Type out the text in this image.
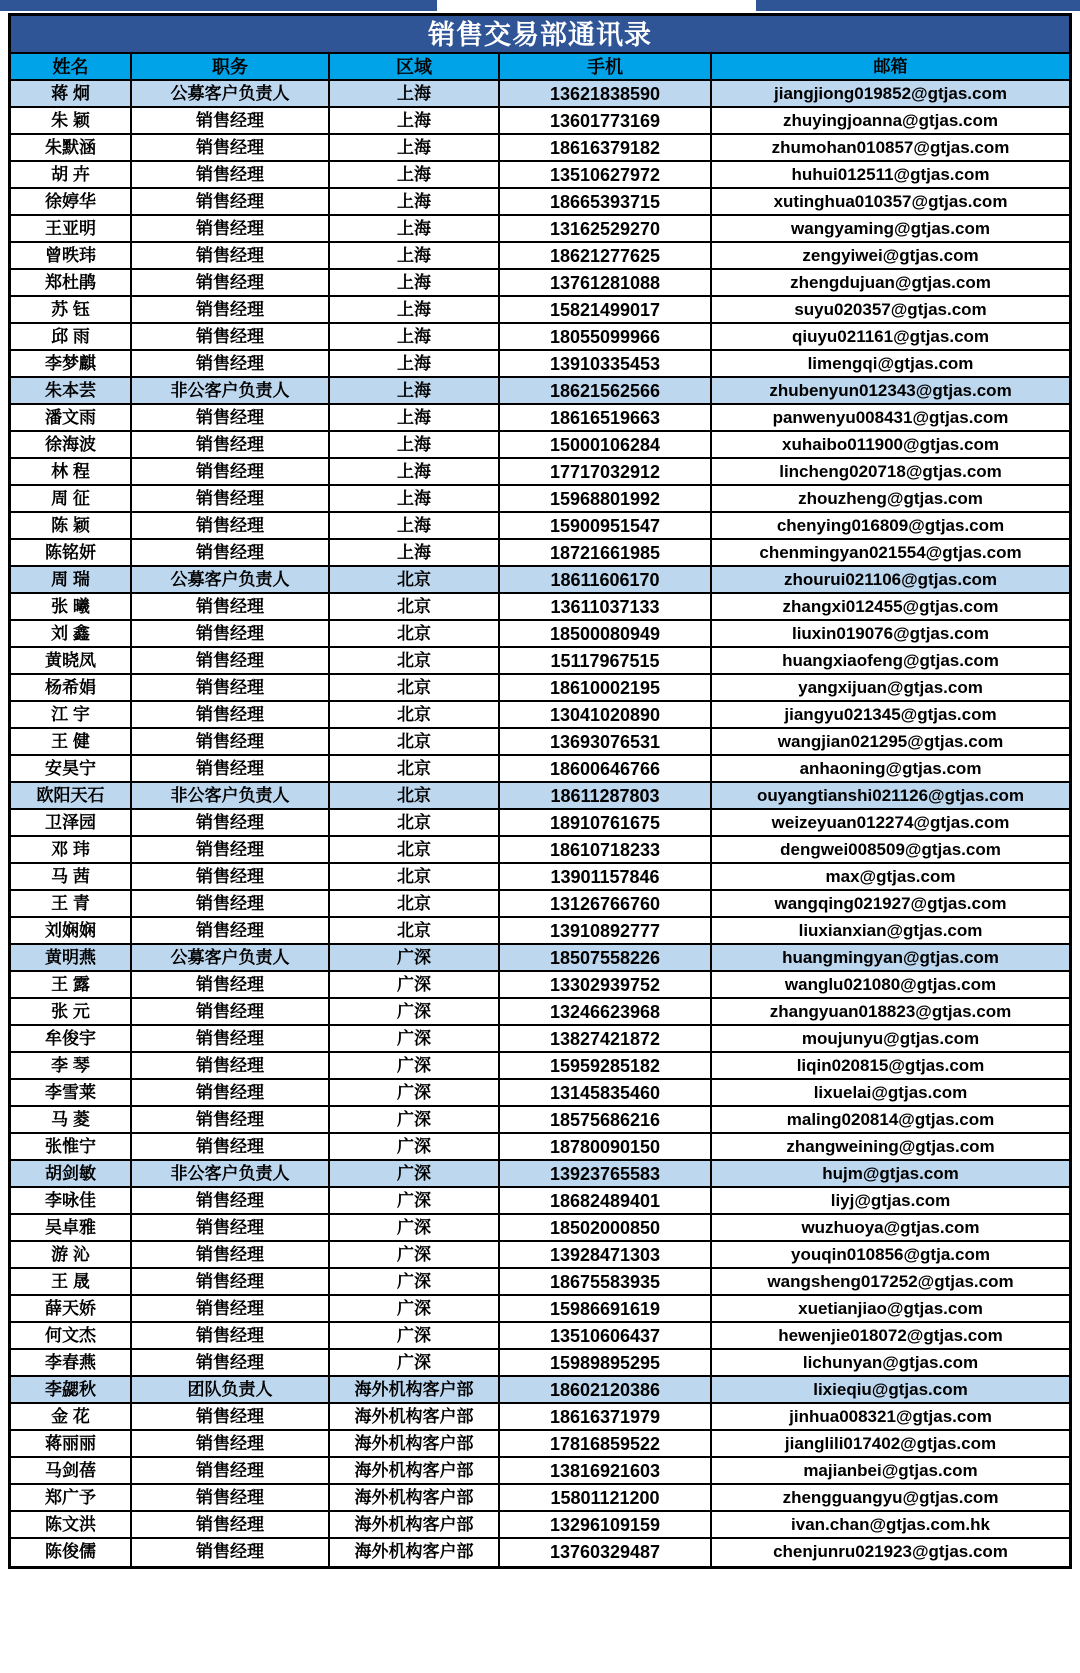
销售交易部通讯录
姓名	职务	区域	手机	邮箱
蒋 炯	公募客户负责人	上海	13621838590	jiangjiong019852@gtjas.com
朱 颖	销售经理	上海	13601773169	zhuyingjoanna@gtjas.com
朱默涵	销售经理	上海	18616379182	zhumohan010857@gtjas.com
胡 卉	销售经理	上海	13510627972	huhui012511@gtjas.com
徐婷华	销售经理	上海	18665393715	xutinghua010357@gtjas.com
王亚明	销售经理	上海	13162529270	wangyaming@gtjas.com
曾昳玮	销售经理	上海	18621277625	zengyiwei@gtjas.com
郑杜鹃	销售经理	上海	13761281088	zhengdujuan@gtjas.com
苏 钰	销售经理	上海	15821499017	suyu020357@gtjas.com
邱 雨	销售经理	上海	18055099966	qiuyu021161@gtjas.com
李梦麒	销售经理	上海	13910335453	limengqi@gtjas.com
朱本芸	非公客户负责人	上海	18621562566	zhubenyun012343@gtjas.com
潘文雨	销售经理	上海	18616519663	panwenyu008431@gtjas.com
徐海波	销售经理	上海	15000106284	xuhaibo011900@gtjas.com
林 程	销售经理	上海	17717032912	lincheng020718@gtjas.com
周 征	销售经理	上海	15968801992	zhouzheng@gtjas.com
陈 颖	销售经理	上海	15900951547	chenying016809@gtjas.com
陈铭妍	销售经理	上海	18721661985	chenmingyan021554@gtjas.com
周 瑞	公募客户负责人	北京	18611606170	zhourui021106@gtjas.com
张 曦	销售经理	北京	13611037133	zhangxi012455@gtjas.com
刘 鑫	销售经理	北京	18500080949	liuxin019076@gtjas.com
黄晓凤	销售经理	北京	15117967515	huangxiaofeng@gtjas.com
杨希娟	销售经理	北京	18610002195	yangxijuan@gtjas.com
江 宇	销售经理	北京	13041020890	jiangyu021345@gtjas.com
王 健	销售经理	北京	13693076531	wangjian021295@gtjas.com
安昊宁	销售经理	北京	18600646766	anhaoning@gtjas.com
欧阳天石	非公客户负责人	北京	18611287803	ouyangtianshi021126@gtjas.com
卫泽园	销售经理	北京	18910761675	weizeyuan012274@gtjas.com
邓 玮	销售经理	北京	18610718233	dengwei008509@gtjas.com
马 茜	销售经理	北京	13901157846	max@gtjas.com
王 青	销售经理	北京	13126766760	wangqing021927@gtjas.com
刘娴娴	销售经理	北京	13910892777	liuxianxian@gtjas.com
黄明燕	公募客户负责人	广深	18507558226	huangmingyan@gtjas.com
王 露	销售经理	广深	13302939752	wanglu021080@gtjas.com
张 元	销售经理	广深	13246623968	zhangyuan018823@gtjas.com
牟俊宇	销售经理	广深	13827421872	moujunyu@gtjas.com
李 琴	销售经理	广深	15959285182	liqin020815@gtjas.com
李雪莱	销售经理	广深	13145835460	lixuelai@gtjas.com
马 菱	销售经理	广深	18575686216	maling020814@gtjas.com
张惟宁	销售经理	广深	18780090150	zhangweining@gtjas.com
胡剑敏	非公客户负责人	广深	13923765583	hujm@gtjas.com
李咏佳	销售经理	广深	18682489401	liyj@gtjas.com
吴卓雅	销售经理	广深	18502000850	wuzhuoya@gtjas.com
游 沁	销售经理	广深	13928471303	youqin010856@gtja.com
王 晟	销售经理	广深	18675583935	wangsheng017252@gtjas.com
薛天娇	销售经理	广深	15986691619	xuetianjiao@gtjas.com
何文杰	销售经理	广深	13510606437	hewenjie018072@gtjas.com
李春燕	销售经理	广深	15989895295	lichunyan@gtjas.com
李勰秋	团队负责人	海外机构客户部	18602120386	lixieqiu@gtjas.com
金 花	销售经理	海外机构客户部	18616371979	jinhua008321@gtjas.com
蒋丽丽	销售经理	海外机构客户部	17816859522	jianglili017402@gtjas.com
马剑蓓	销售经理	海外机构客户部	13816921603	majianbei@gtjas.com
郑广予	销售经理	海外机构客户部	15801121200	zhengguangyu@gtjas.com
陈文洪	销售经理	海外机构客户部	13296109159	ivan.chan@gtjas.com.hk
陈俊儒	销售经理	海外机构客户部	13760329487	chenjunru021923@gtjas.com
